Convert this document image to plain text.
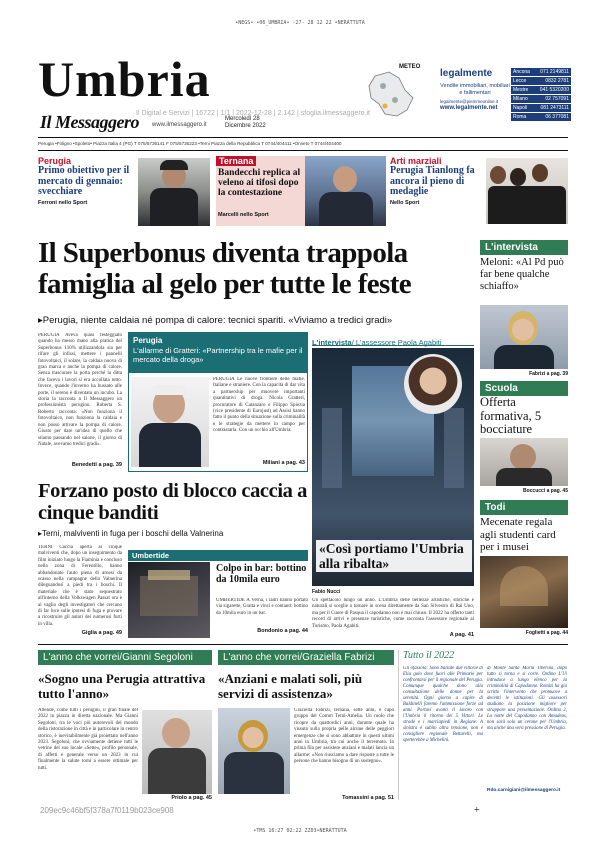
•NEGS• •06_UMBRIA• -27- 28 12 22 •NERATTUTA
Umbria
Il Messaggero www.ilmessaggero.it
Mercoledì 28
Dicembre 2022
Il Digital e Servizi | 16722 | 1/1 | 2022-12-28 | 2.142 | sfoglia.ilmessaggero.it
METEO
legalmente
Vendite immobiliari, mobiliari e fallimentari
legalmente@piemmeonline.it
www.legalmente.net
Ancona 071 2149811
Lecce	0832 2781
Mestre 041 5320200
Milano	02 757091
Napoli	081 2473111
Roma	06 377081
Perugia •Foligno •Spoleto• Piazza Italia 4 (PG) T 075/5736141 F 075/5736223 •Terni Piazza della Repubblica T 0744/404411 •Orvieto T 0744/404400
Perugia
Primo obiettivo per il mercato di gennaio: svecchiare
Ferroni nello Sport
Ternana
Bandecchi replica al veleno ai tifosi dopo la contestazione
Marcelli nello Sport
Arti marziali
Perugia Tianlong fa ancora il pieno di medaglie
Nello Sport
Il Superbonus diventa trappola famiglia al gelo per tutte le feste
▸Perugia, niente caldaia né pompa di calore: tecnici spariti. «Viviamo a tredici gradi»
PERUGIA Aveva quasi festeggiato quando ha messo mano alla pratica del Superbonus 110% utilizzandola sia per rifare gli infissi, mettere i pannelli fotovoltaici, il solare, la caldaia nuova di gran marca e anche la pompa di calore. Senza trascurare la porta perché la ditta che faceva i lavori si era accollata tutto. Invece, quando l'inverno ha bussato alle porte, il sereno è diventato un incubo. La storia la racconta a Il Messaggero un professionista perugino. Roberta S. Roberto racconta: «Non funziona il fotovoltaico, non funziona la caldaia e non posso attivare la pompa di calore. Giusto per dare un'idea di quello che stiamo passando nel salone, il giorno di Natale, avevamo tredici gradi».
Benedetti a pag. 39
Perugia
L'allarme di Gratteri: «Partnership tra le mafie per il mercato della droga»
PERUGIA Le nuove frontiere delle mafie. Italiane e straniere. Con la capacità di dar vita a partnership per muovere importanti quantitativi di droga. Nicola Gratteri, procuratore di Catanzaro e Filippo Spiezia (vice presidente di Eurojust) ad Assisi hanno fatto il punto della situazione sulla criminalità e le strategie da mettere in campo per contrastarla. Con un occhio all'Umbria.
Miliani a pag. 43
L'intervista/ L'assessore Paola Agabiti
«Così portiamo l'Umbria alla ribalta»
Fabio Nucci
Un spettacolo lungo un anno. L'Umbria delle bellezze artistiche, storiche e naturali si sceglie a tornare in scena direttamente da San Silvestro di Rai Uno, ma per il Cuore di Pasqua il capodanno non è mai chiuso. Il 2022 ha offerto tanti record di arrivi e presenze turistiche, come racconta l'assessore regionale al Turismo, Paola Agabiti.
A pag. 41
Forzano posto di blocco caccia a cinque banditi
▸Terni, malviventi in fuga per i boschi della Valnerina
TERNI Caccia aperta ai cinque malviventi che, dopo un inseguimento da film iniziato lungo la Flaminia e concluso nella zona di Ferentillo, hanno abbandonato l'auto piena di arnesi da scasso nella campagne della Valnerina dileguandosi a piedi tra i boschi. Il materiale che è stato sequestrato all'interno della Volkswagen Passat ora è al vaglio degli investigatori che cercano di far luce sulle ipotesi di fuga e provare a ricostruire gli autori dei numerosi furti in villa.
Giglia a pag. 49
Umbertide
Colpo in bar: bottino da 10mila euro
UMBERTIDE A Verna, i ladri hanno portato via sigarette, Gratta e vinci e contanti: bottino da 10mila euro in un bar.
Bondonio a pag. 44
L'intervista
Meloni: «Al Pd può far bene qualche schiaffo»
Fabrizi a pag. 39
Scuola
Offerta formativa, 5 bocciature
Boccucci a pag. 45
Todi
Mecenate regala agli studenti card per i musei
Foglietti a pag. 44
L'anno che vorrei/Gianni Segoloni
«Sogno una Perugia attrattiva tutto l'anno»
Attende, come tutti i perugini, il gran finale del 2022 in piazza in diretta nazionale. Ma Gianni Segoloni, tra le voci più autorevoli del mondo della ristorazione in città e in particolare in centro storico, è inevitabilmente già proiettato nell'anno 2023. Segoloni, che ovviamente detiene tutti le vetrine del suo locale «Sette», profilo personale, di affetti e generale verso un 2023 in cui finalmente la salute torni a essere ottimale per tutti.
Priolo a pag. 45
209ec9c46bf5f378a7f0119b023ce908
L'anno che vorrei/Graziella Fabrizi
«Anziani e malati soli, più servizi di assistenza»
Graziella Fabrizi, ternana, sette anni, è capo gruppo del Comm Terni-Amelia. Un ruolo che ricopre da quattordici anni, durante quale ha vissuto sulla propria pelle alcune delle peggiori emergenze che si sono abbattute in questi ultimi anni in Umbria, tra cui anche il terremoto. In prima fila per assistere anziani e malati lancia un allarme: «Non riusciamo a dare risposte a tutte le persone che hanno bisogno di un sostegno».
Tomassini a pag. 51
Tutto il 2022
Gli ofassola: Sono balzate due vittorie di Elia golo dove fuori alle Primarie per confrontarsi per il regionale del Perugia. Comunque qualche dono alla consultazione delle donne per la serenità. Ogni giorno a capire di Baldinelli faremo l'ammissione forze ad anni. Portavi avanti il lavoro con l'Umbria il ritorno dei 5 Vittori. Le strade e i marciapiedi in Regione. A sinistra è subito altra tensione, non è consigliere regionale Bettarelli, ma spetterebbe a Michelini.
di Monte Santa Maria Tiberina, dopo tutto si torna e si corre. Ordino L'Ui introduce a lungo elenco per la criminalità di Capodanno. Romizi ha già scritto l'intervento che promuove a decenti le istituzioni. Gli assessori studiano la posizione migliore per strappare una presentazione. Ordino 2, La notte del Capodanno con Amadeus, non sarà solo un cerone per l'Umbria, ma anche una vera pressione di Perugia.
Rdo.carnigiani@ilmessaggero.it
+
•TMS 16:27 02:22 ZZ03•NERATTUTA
